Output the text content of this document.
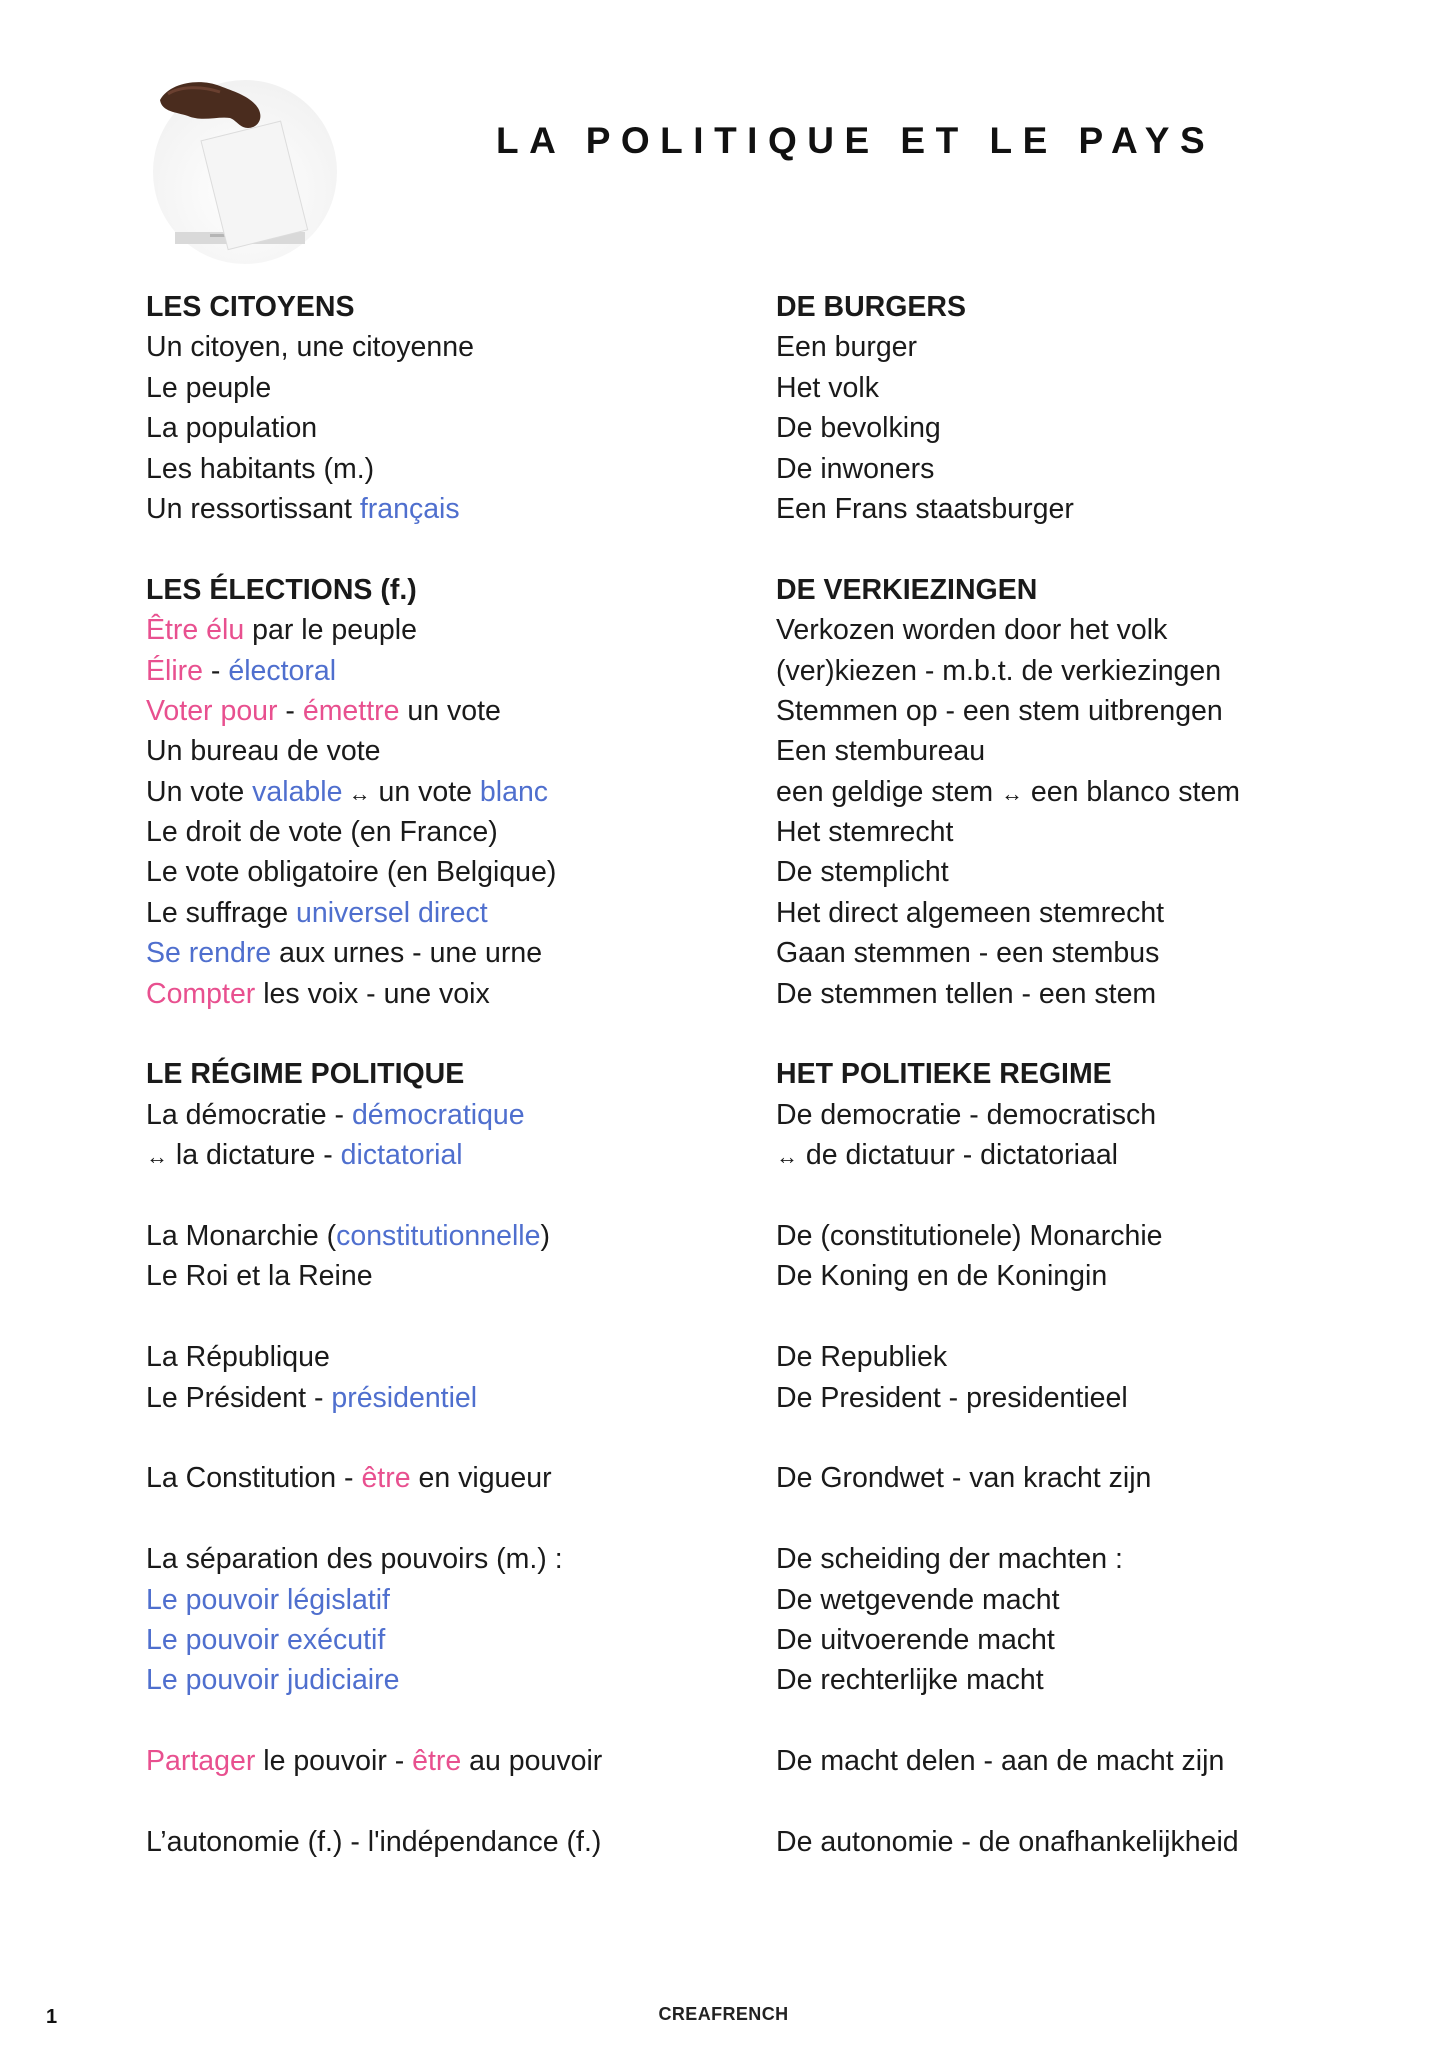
LA POLITIQUE ET LE PAYS
LES CITOYENS
Un citoyen, une citoyenne
Le peuple
La population
Les habitants (m.)
Un ressortissant français
LES ÉLECTIONS (f.)
Être élu par le peuple
Élire - électoral
Voter pour - émettre un vote
Un bureau de vote
Un vote valable ↔ un vote blanc
Le droit de vote (en France)
Le vote obligatoire (en Belgique)
Le suffrage universel direct
Se rendre aux urnes - une urne
Compter les voix - une voix
LE RÉGIME POLITIQUE
La démocratie - démocratique
↔ la dictature - dictatorial
La Monarchie (constitutionnelle)
Le Roi et la Reine
La République
Le Président - présidentiel
La Constitution - être en vigueur
La séparation des pouvoirs (m.) :
Le pouvoir législatif
Le pouvoir exécutif
Le pouvoir judiciaire
Partager le pouvoir - être au pouvoir
L’autonomie (f.) - l'indépendance (f.)
DE BURGERS
Een burger
Het volk
De bevolking
De inwoners
Een Frans staatsburger
DE VERKIEZINGEN
Verkozen worden door het volk
(ver)kiezen - m.b.t. de verkiezingen
Stemmen op - een stem uitbrengen
Een stembureau
een geldige stem ↔ een blanco stem
Het stemrecht
De stemplicht
Het direct algemeen stemrecht
Gaan stemmen - een stembus
De stemmen tellen - een stem
HET POLITIEKE REGIME
De democratie - democratisch
↔ de dictatuur - dictatoriaal
De (constitutionele) Monarchie
De Koning en de Koningin
De Republiek
De President - presidentieel
De Grondwet - van kracht zijn
De scheiding der machten :
De wetgevende macht
De uitvoerende macht
De rechterlijke macht
De macht delen - aan de macht zijn
De autonomie - de onafhankelijkheid
1	CREAFRENCH
